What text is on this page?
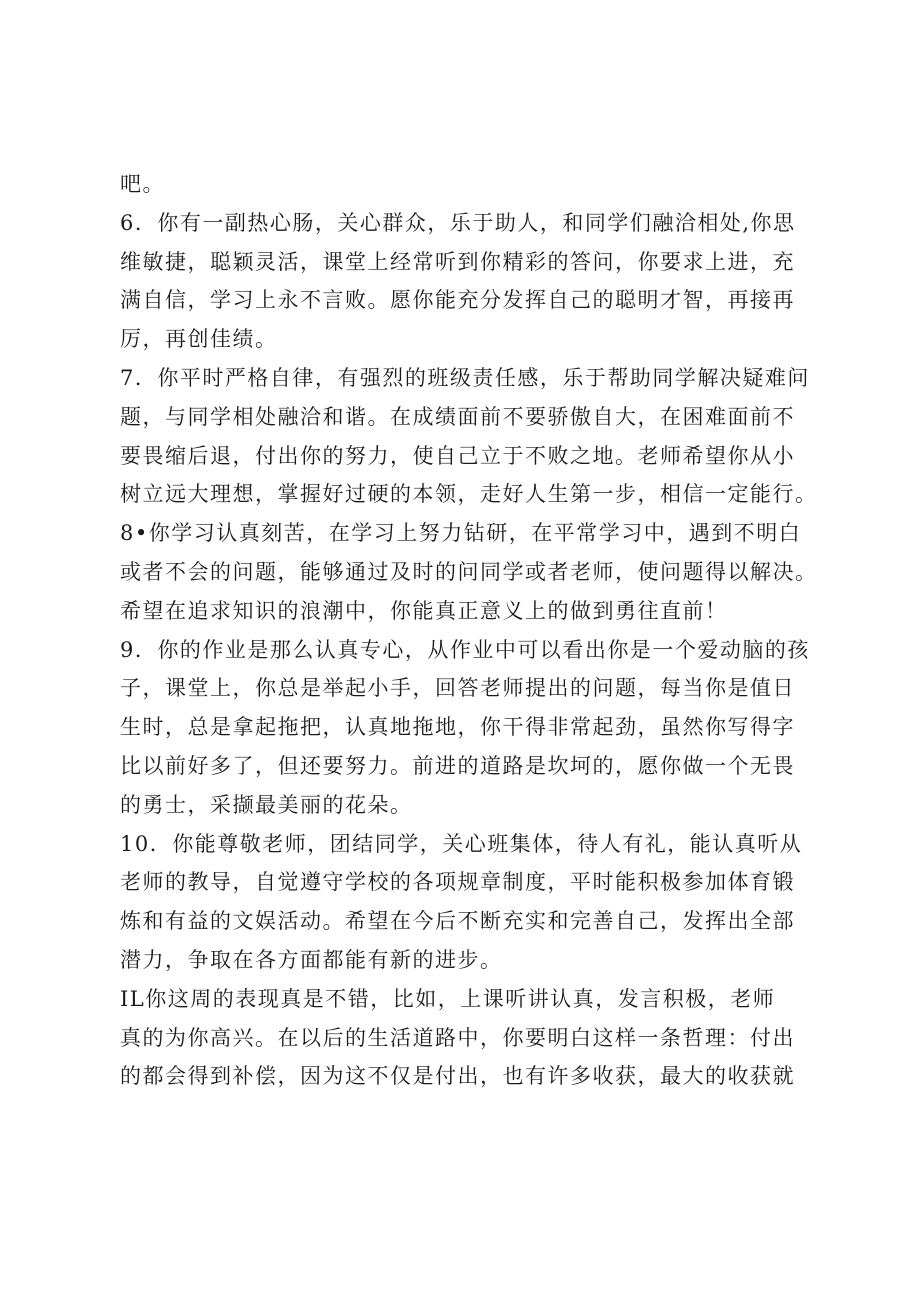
吧。
6．你有一副热心肠，关心群众，乐于助人，和同学们融洽相处,你思
维敏捷，聪颖灵活，课堂上经常听到你精彩的答问，你要求上进，充
满自信，学习上永不言败。愿你能充分发挥自己的聪明才智，再接再
厉，再创佳绩。
7．你平时严格自律，有强烈的班级责任感，乐于帮助同学解决疑难问
题，与同学相处融洽和谐。在成绩面前不要骄傲自大，在困难面前不
要畏缩后退，付出你的努力，使自己立于不败之地。老师希望你从小
树立远大理想，掌握好过硬的本领，走好人生第一步，相信一定能行。
8•你学习认真刻苦，在学习上努力钻研，在平常学习中，遇到不明白
或者不会的问题，能够通过及时的问同学或者老师，使问题得以解决。
希望在追求知识的浪潮中，你能真正意义上的做到勇往直前！
9．你的作业是那么认真专心，从作业中可以看出你是一个爱动脑的孩
子，课堂上，你总是举起小手，回答老师提出的问题，每当你是值日
生时，总是拿起拖把，认真地拖地，你干得非常起劲，虽然你写得字
比以前好多了，但还要努力。前进的道路是坎坷的，愿你做一个无畏
的勇士，采撷最美丽的花朵。
10．你能尊敬老师，团结同学，关心班集体，待人有礼，能认真听从
老师的教导，自觉遵守学校的各项规章制度，平时能积极参加体育锻
炼和有益的文娱活动。希望在今后不断充实和完善自己，发挥出全部
潜力，争取在各方面都能有新的进步。
IL你这周的表现真是不错，比如，上课听讲认真，发言积极，老师
真的为你高兴。在以后的生活道路中，你要明白这样一条哲理：付出
的都会得到补偿，因为这不仅是付出，也有许多收获，最大的收获就
